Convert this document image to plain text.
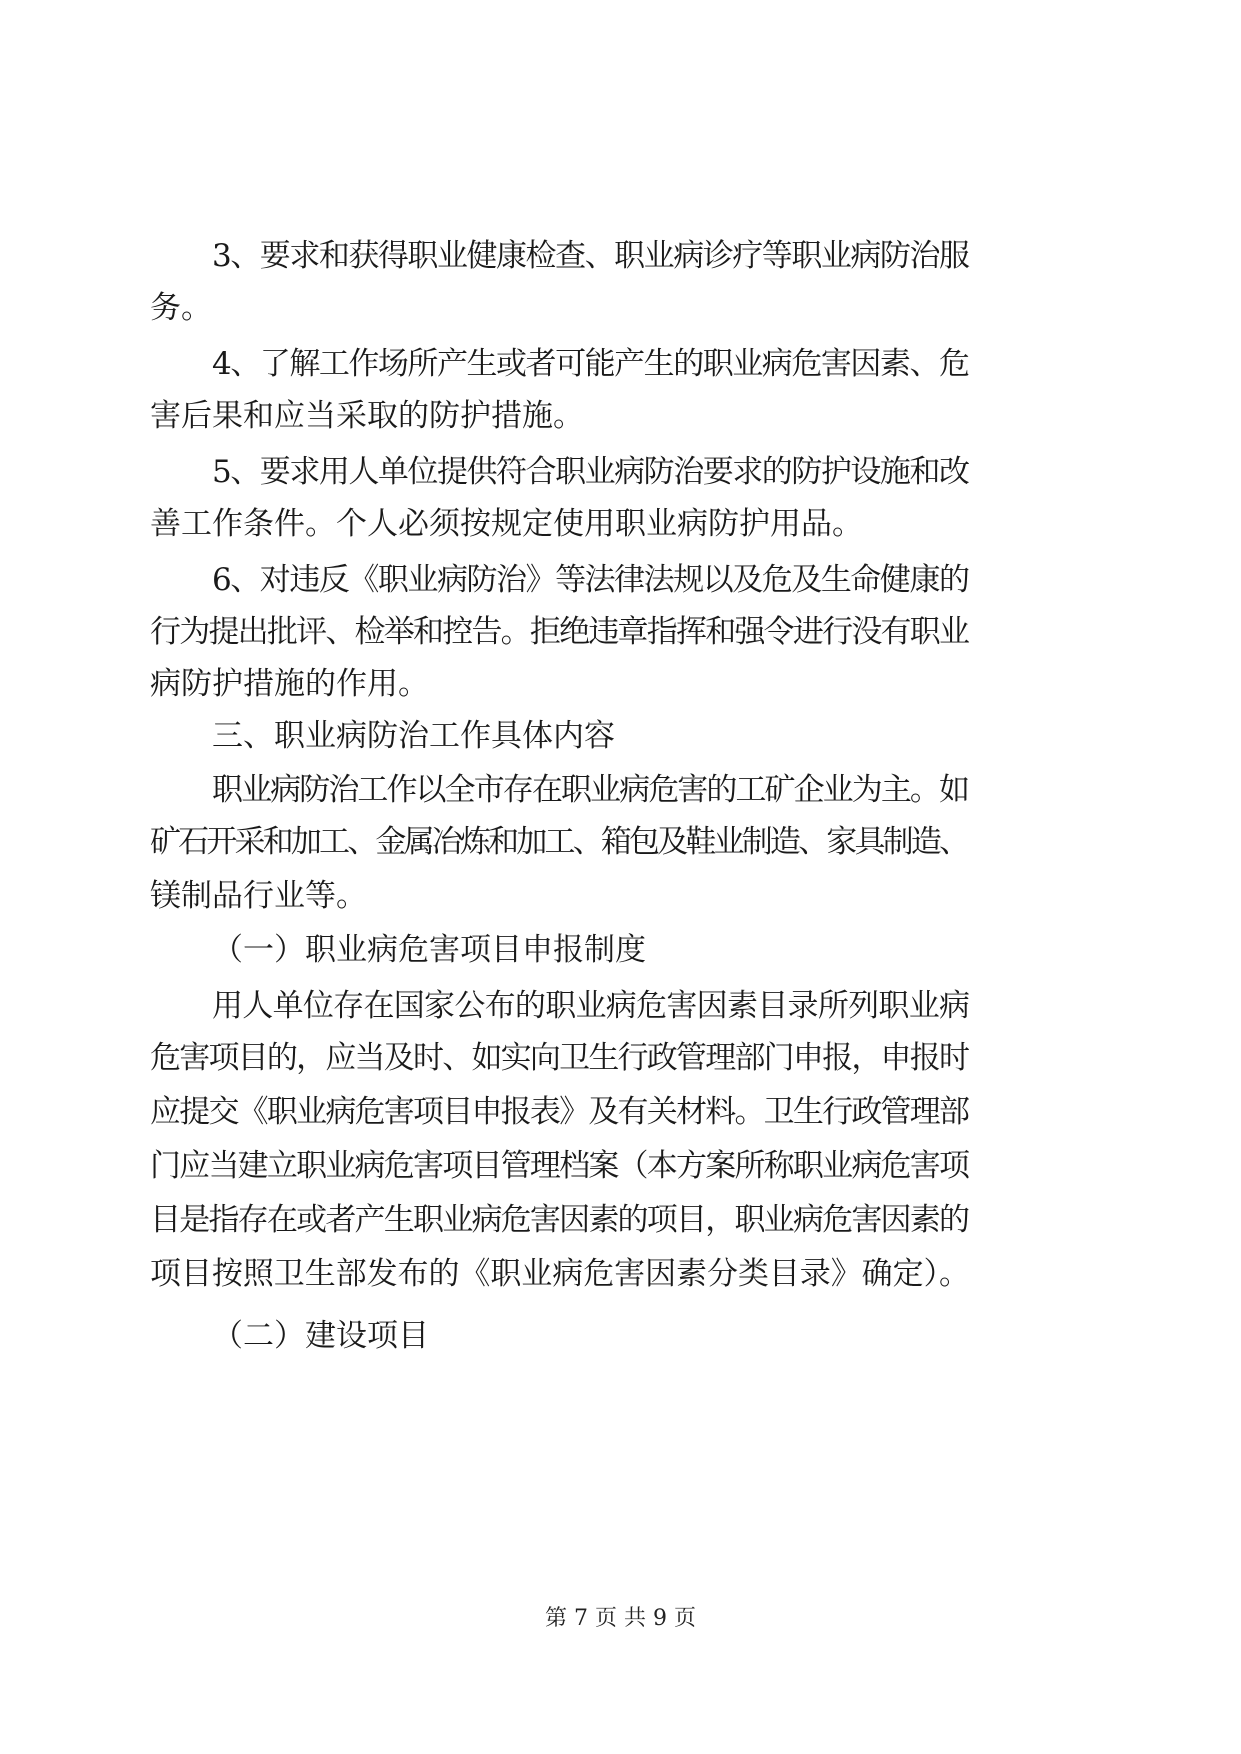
3、要求和获得职业健康检查、职业病诊疗等职业病防治服
务。
4、了解工作场所产生或者可能产生的职业病危害因素、危
害后果和应当采取的防护措施。
5、要求用人单位提供符合职业病防治要求的防护设施和改
善工作条件。个人必须按规定使用职业病防护用品。
6、对违反《职业病防治》等法律法规以及危及生命健康的
行为提出批评、检举和控告。拒绝违章指挥和强令进行没有职业
病防护措施的作用。
三、职业病防治工作具体内容
职业病防治工作以全市存在职业病危害的工矿企业为主。如
矿石开采和加工、金属冶炼和加工、箱包及鞋业制造、家具制造、
镁制品行业等。
（一）职业病危害项目申报制度
用人单位存在国家公布的职业病危害因素目录所列职业病
危害项目的，应当及时、如实向卫生行政管理部门申报，申报时
应提交《职业病危害项目申报表》及有关材料。卫生行政管理部
门应当建立职业病危害项目管理档案（本方案所称职业病危害项
目是指存在或者产生职业病危害因素的项目，职业病危害因素的
项目按照卫生部发布的《职业病危害因素分类目录》确定）。
（二）建设项目
第 7 页 共 9 页
